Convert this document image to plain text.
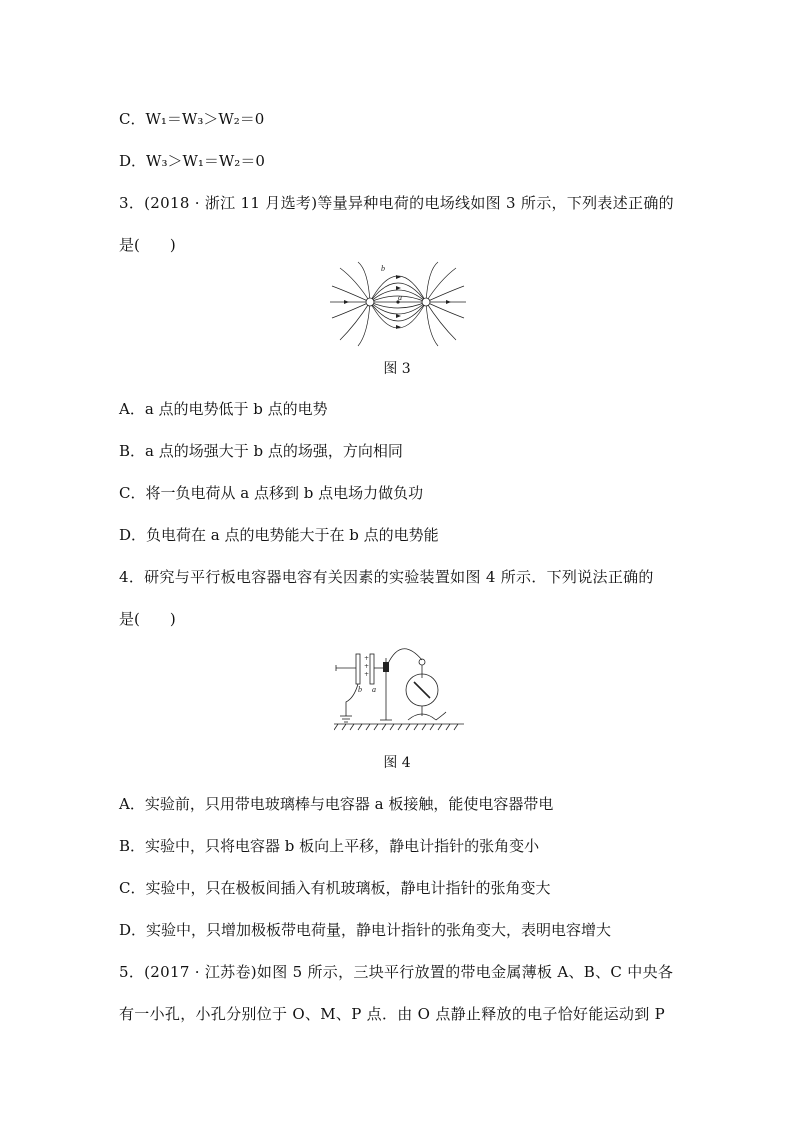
C．W₁＝W₃＞W₂＝0
D．W₃＞W₁＝W₂＝0
3．(2018 · 浙江 11 月选考)等量异种电荷的电场线如图 3 所示，下列表述正确的
是(　　)
b
a
图 3
A．a 点的电势低于 b 点的电势
B．a 点的场强大于 b 点的场强，方向相同
C．将一负电荷从 a 点移到 b 点电场力做负功
D．负电荷在 a 点的电势能大于在 b 点的电势能
4．研究与平行板电容器电容有关因素的实验装置如图 4 所示．下列说法正确的
是(　　)
+
+
+
b a
图 4
A．实验前，只用带电玻璃棒与电容器 a 板接触，能使电容器带电
B．实验中，只将电容器 b 板向上平移，静电计指针的张角变小
C．实验中，只在极板间插入有机玻璃板，静电计指针的张角变大
D．实验中，只增加极板带电荷量，静电计指针的张角变大，表明电容增大
5．(2017 · 江苏卷)如图 5 所示，三块平行放置的带电金属薄板 A、B、C 中央各
有一小孔，小孔分别位于 O、M、P 点．由 O 点静止释放的电子恰好能运动到 P
